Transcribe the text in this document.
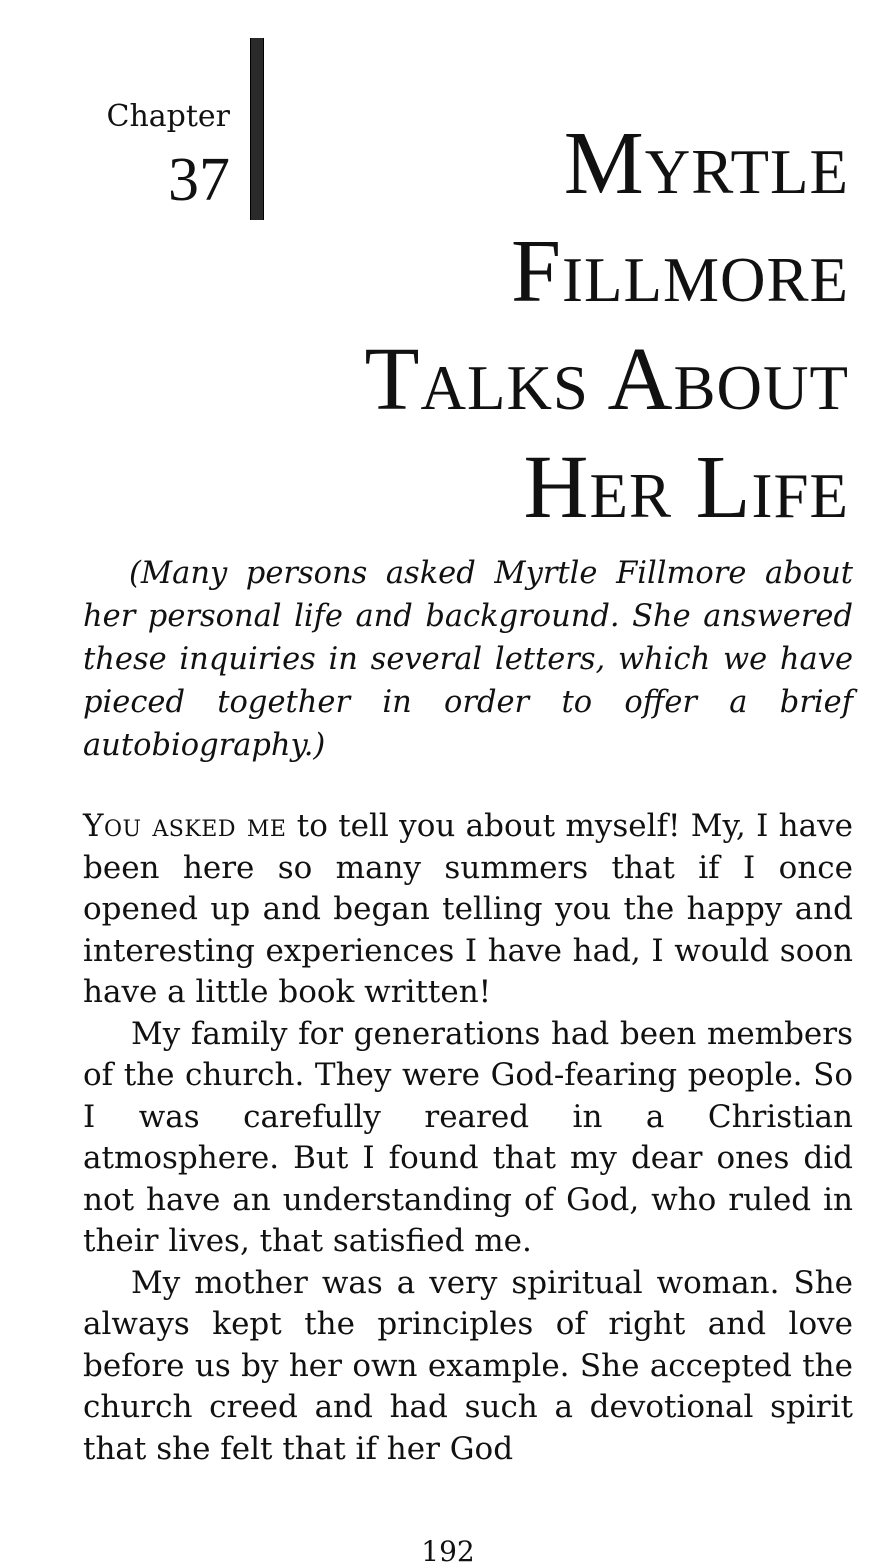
Chapter
37	Myrtle
Fillmore
Talks About
Her Life

(Many persons asked Myrtle Fillmore about her personal life and background. She answered these inquiries in several letters, which we have pieced together in order to offer a brief autobiography.)

You asked me to tell you about myself! My, I have been here so many summers that if I once opened up and began telling you the happy and interesting experiences I have had, I would soon have a little book written!

My family for generations had been members of the church. They were God-fearing people. So I was carefully reared in a Christian atmosphere. But I found that my dear ones did not have an understanding of God, who ruled in their lives, that satisfied me.

My mother was a very spiritual woman. She always kept the principles of right and love before us by her own example. She accepted the church creed and had such a devotional spirit that she felt that if her God

192
